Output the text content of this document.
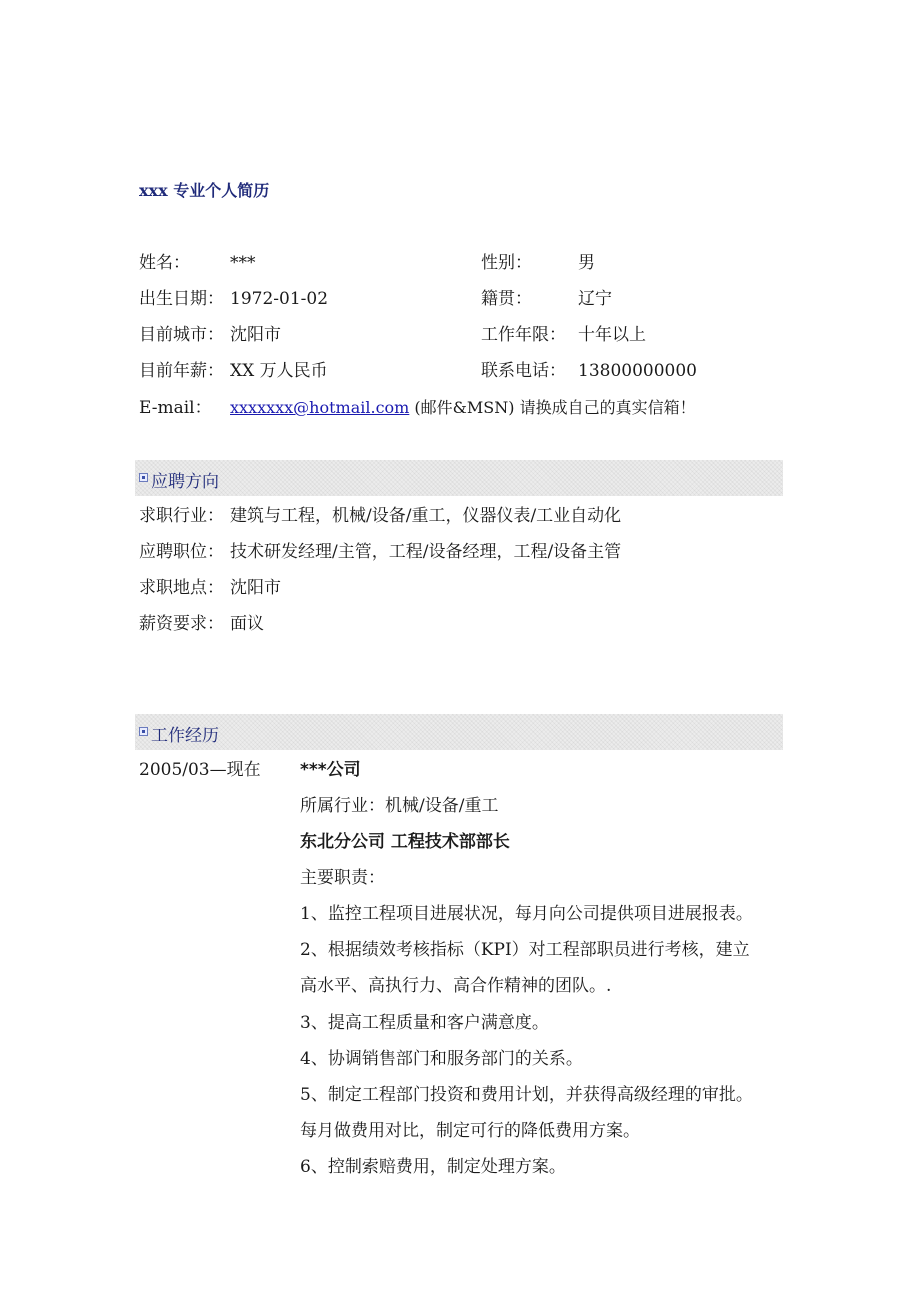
xxx 专业个人简历
姓名： ***	性别：	男
出生日期： 1972-01-02	籍贯：	辽宁
目前城市： 沈阳市	工作年限： 十年以上
目前年薪： XX 万人民币	联系电话： 13800000000
E-mail： xxxxxxx@hotmail.com (邮件&MSN) 请换成自己的真实信箱！
应聘方向
求职行业： 建筑与工程，机械/设备/重工，仪器仪表/工业自动化
应聘职位： 技术研发经理/主管，工程/设备经理，工程/设备主管
求职地点： 沈阳市
薪资要求： 面议
工作经历
2005/03—现在 ***公司
所属行业：机械/设备/重工
东北分公司 工程技术部部长
主要职责：
1、监控工程项目进展状况，每月向公司提供项目进展报表。
2、根据绩效考核指标（KPI）对工程部职员进行考核，建立
高水平、高执行力、高合作精神的团队。.
3、提高工程质量和客户满意度。
4、协调销售部门和服务部门的关系。
5、制定工程部门投资和费用计划，并获得高级经理的审批。
每月做费用对比，制定可行的降低费用方案。
6、控制索赔费用，制定处理方案。
